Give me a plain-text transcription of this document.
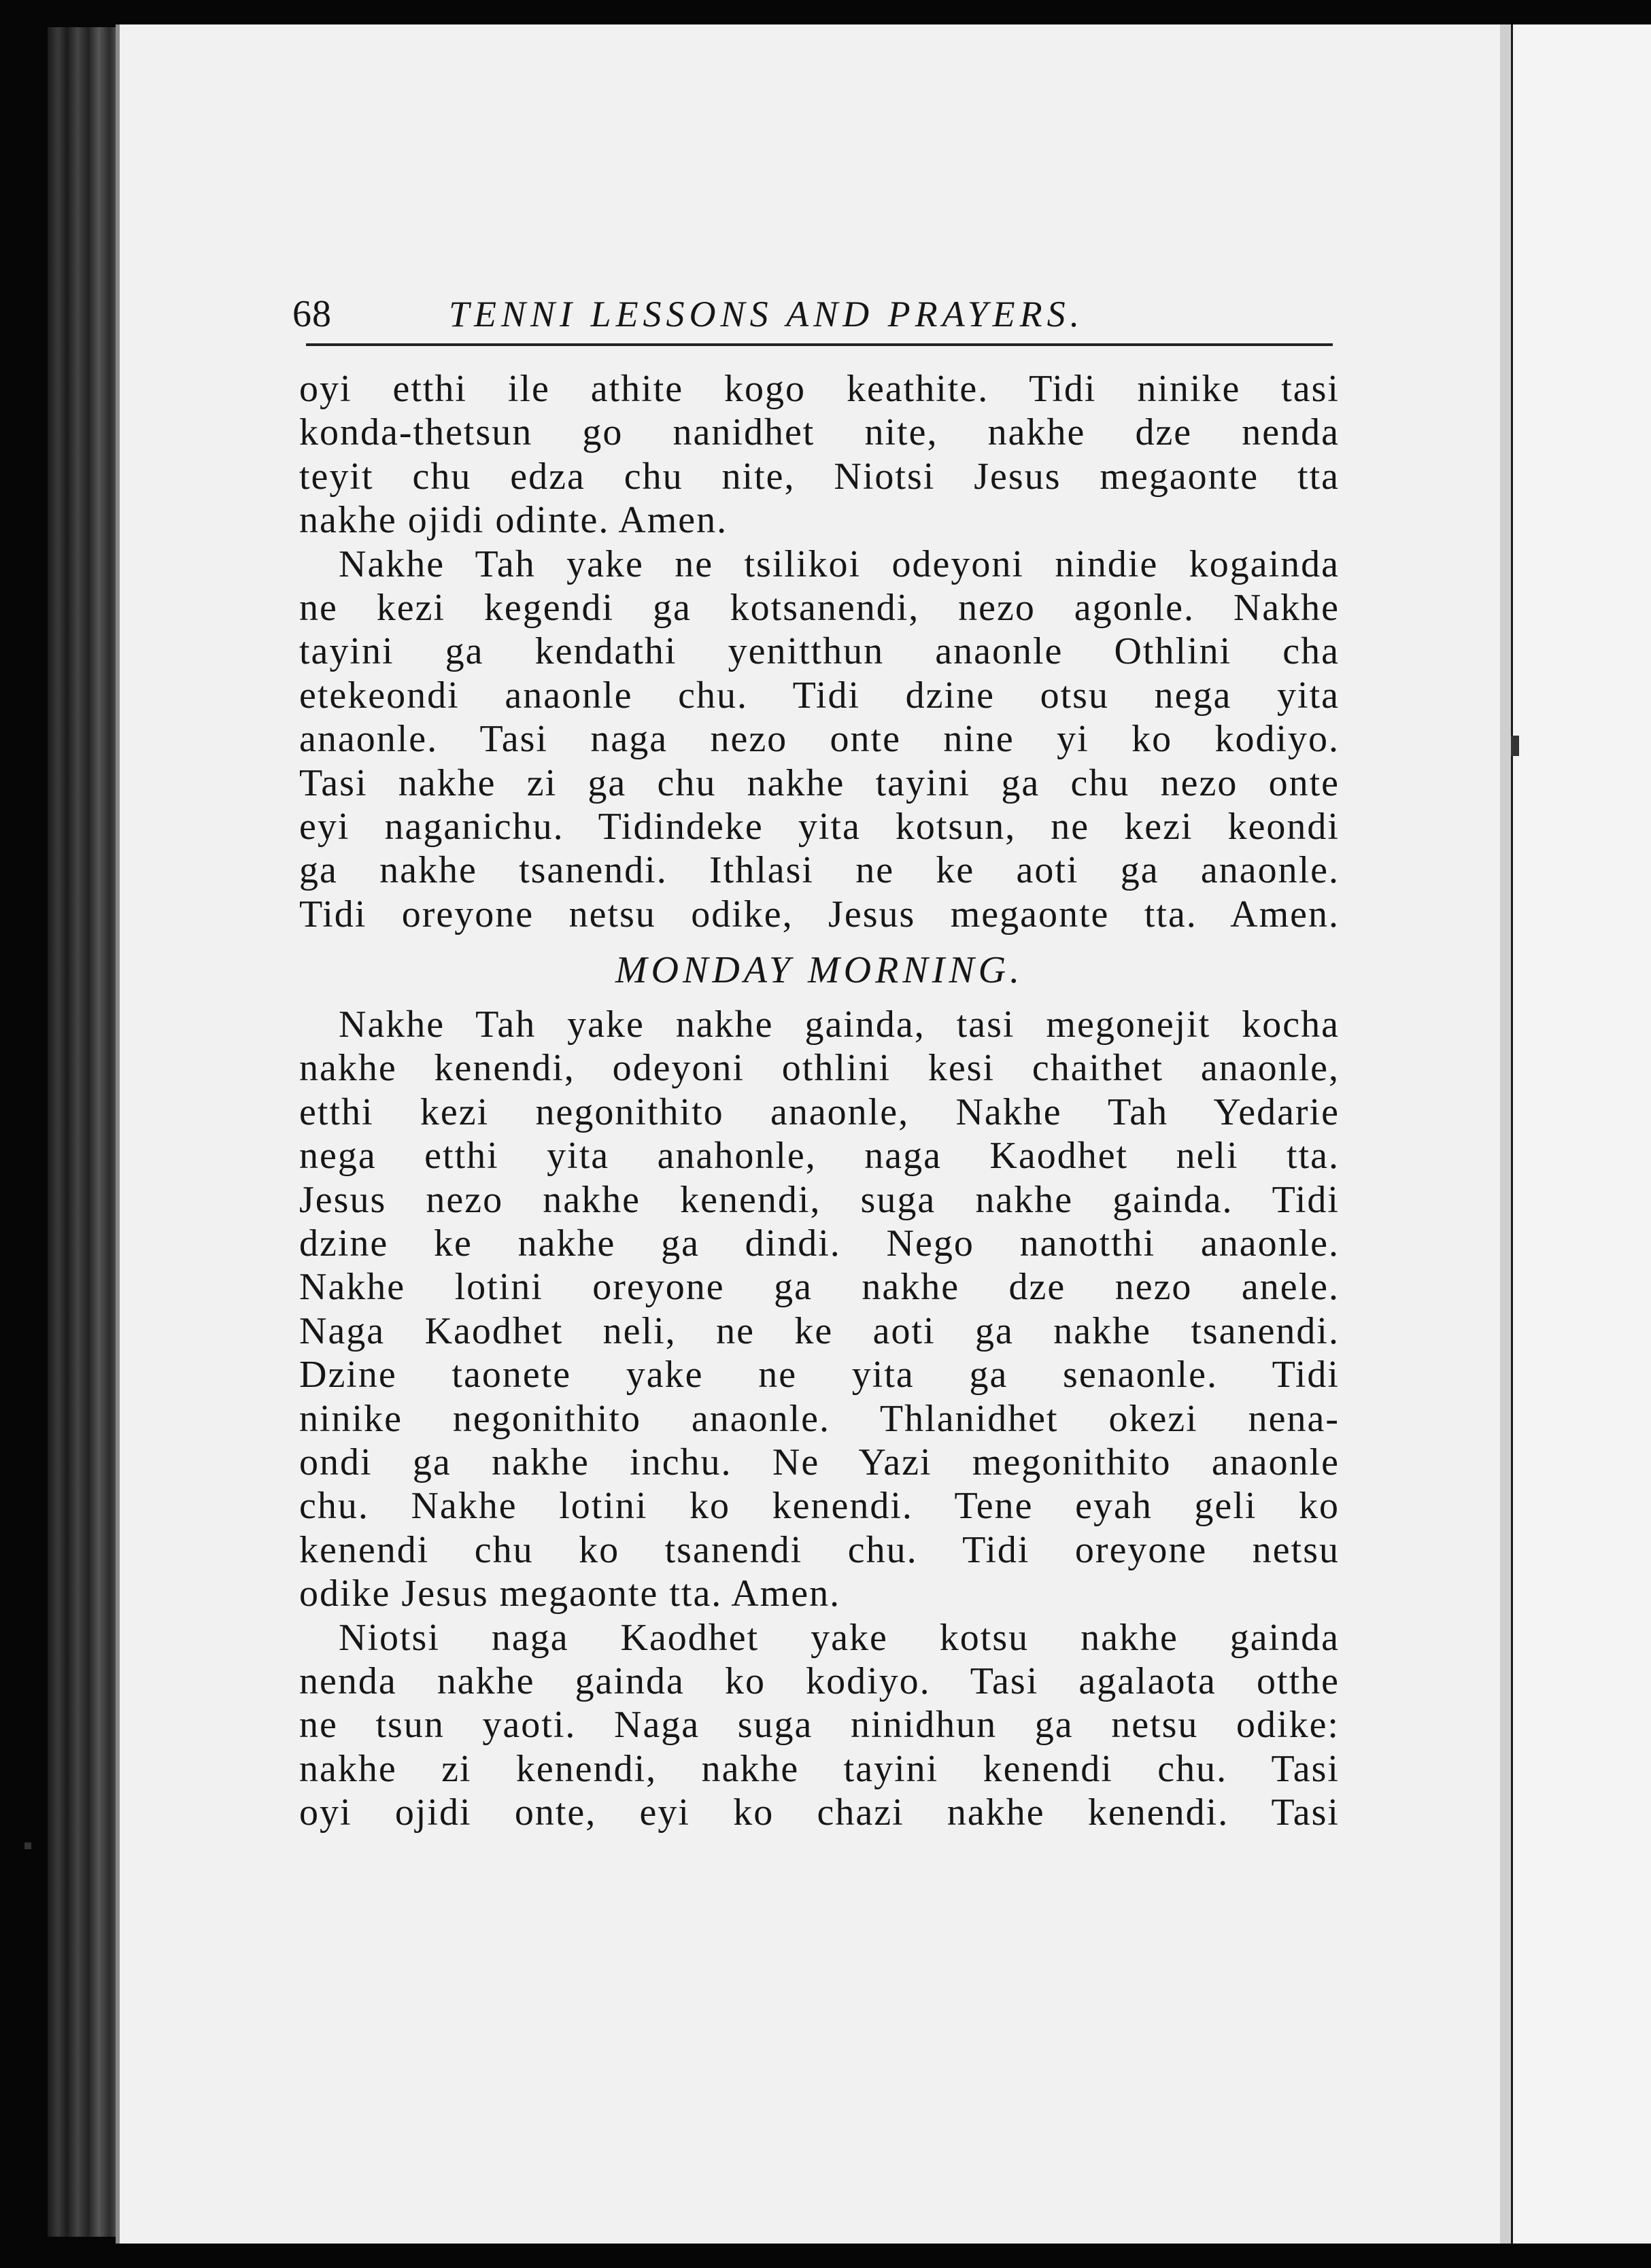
68	TENNI LESSONS AND PRAYERS.
oyi etthi ile athite kogo keathite. Tidi ninike tasi
konda-thetsun go nanidhet nite, nakhe dze nenda
teyit chu edza chu nite, Niotsi Jesus megaonte tta
nakhe ojidi odinte. Amen.
Nakhe Tah yake ne tsilikoi odeyoni nindie kogainda
ne kezi kegendi ga kotsanendi, nezo agonle. Nakhe
tayini ga kendathi yenitthun anaonle Othlini cha
etekeondi anaonle chu. Tidi dzine otsu nega yita
anaonle. Tasi naga nezo onte nine yi ko kodiyo.
Tasi nakhe zi ga chu nakhe tayini ga chu nezo onte
eyi naganichu. Tidindeke yita kotsun, ne kezi keondi
ga nakhe tsanendi. Ithlasi ne ke aoti ga anaonle.
Tidi oreyone netsu odike, Jesus megaonte tta. Amen.
MONDAY MORNING.
Nakhe Tah yake nakhe gainda, tasi megonejit kocha
nakhe kenendi, odeyoni othlini kesi chaithet anaonle,
etthi kezi negonithito anaonle, Nakhe Tah Yedarie
nega etthi yita anahonle, naga Kaodhet neli tta.
Jesus nezo nakhe kenendi, suga nakhe gainda. Tidi
dzine ke nakhe ga dindi. Nego nanotthi anaonle.
Nakhe lotini oreyone ga nakhe dze nezo anele.
Naga Kaodhet neli, ne ke aoti ga nakhe tsanendi.
Dzine taonete yake ne yita ga senaonle. Tidi
ninike negonithito anaonle. Thlanidhet okezi nena-
ondi ga nakhe inchu. Ne Yazi megonithito anaonle
chu. Nakhe lotini ko kenendi. Tene eyah geli ko
kenendi chu ko tsanendi chu. Tidi oreyone netsu
odike Jesus megaonte tta. Amen.
Niotsi naga Kaodhet yake kotsu nakhe gainda
nenda nakhe gainda ko kodiyo. Tasi agalaota otthe
ne tsun yaoti. Naga suga ninidhun ga netsu odike:
nakhe zi kenendi, nakhe tayini kenendi chu. Tasi
oyi ojidi onte, eyi ko chazi nakhe kenendi. Tasi
